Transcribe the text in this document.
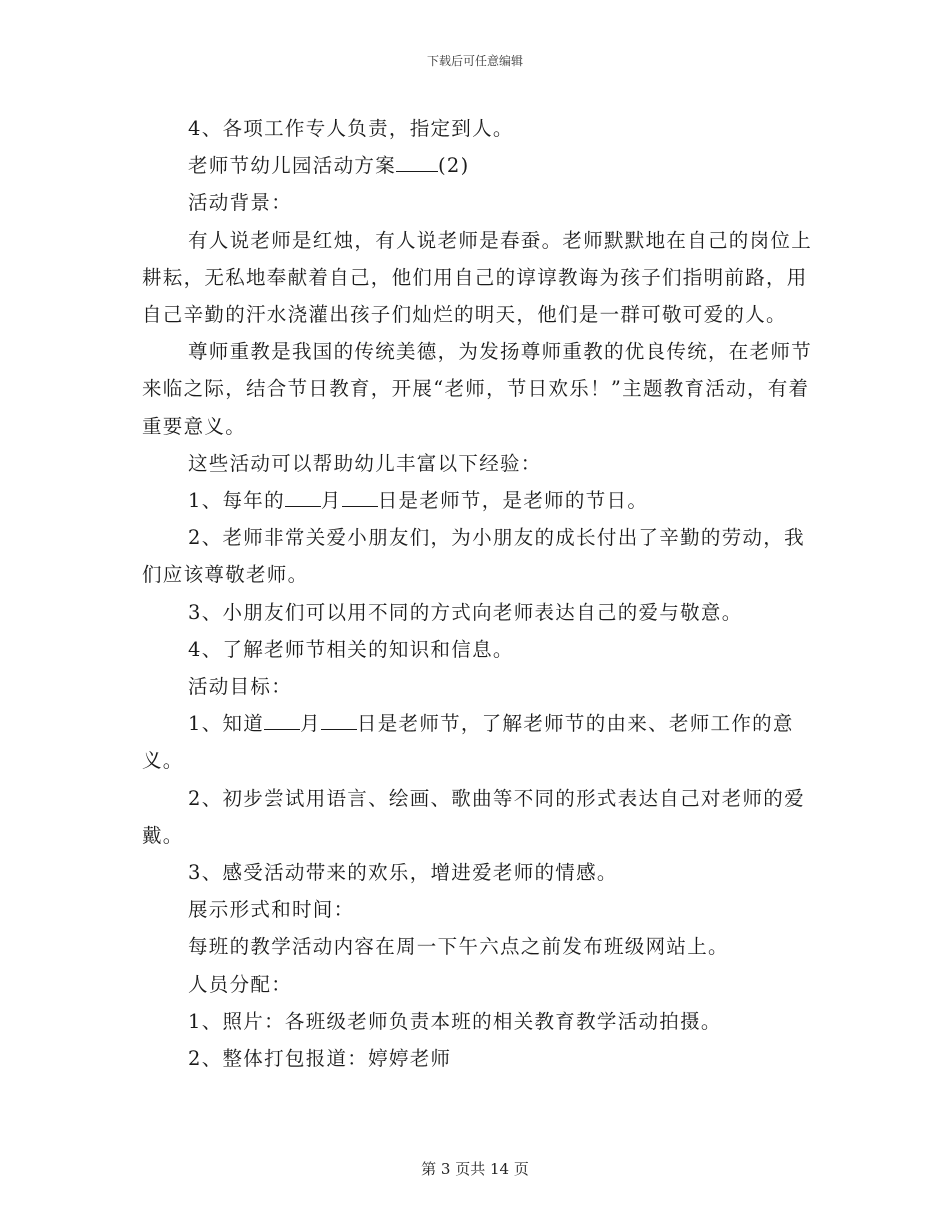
下载后可任意编辑

4、各项工作专人负责，指定到人。

老师节幼儿园活动方案 (2)

活动背景：

有人说老师是红烛，有人说老师是春蚕。老师默默地在自己的岗位上耕耘，无私地奉献着自己，他们用自己的谆谆教诲为孩子们指明前路，用自己辛勤的汗水浇灌出孩子们灿烂的明天，他们是一群可敬可爱的人。

尊师重教是我国的传统美德，为发扬尊师重教的优良传统，在老师节来临之际，结合节日教育，开展“老师，节日欢乐！”主题教育活动，有着重要意义。

这些活动可以帮助幼儿丰富以下经验：

1、每年的 月 日是老师节，是老师的节日。

2、老师非常关爱小朋友们，为小朋友的成长付出了辛勤的劳动，我们应该尊敬老师。

3、小朋友们可以用不同的方式向老师表达自己的爱与敬意。

4、了解老师节相关的知识和信息。

活动目标：

1、知道 月 日是老师节，了解老师节的由来、老师工作的意义。

2、初步尝试用语言、绘画、歌曲等不同的形式表达自己对老师的爱戴。

3、感受活动带来的欢乐，增进爱老师的情感。

展示形式和时间：

每班的教学活动内容在周一下午六点之前发布班级网站上。

人员分配：

1、照片：各班级老师负责本班的相关教育教学活动拍摄。

2、整体打包报道：婷婷老师

第 3 页共 14 页
